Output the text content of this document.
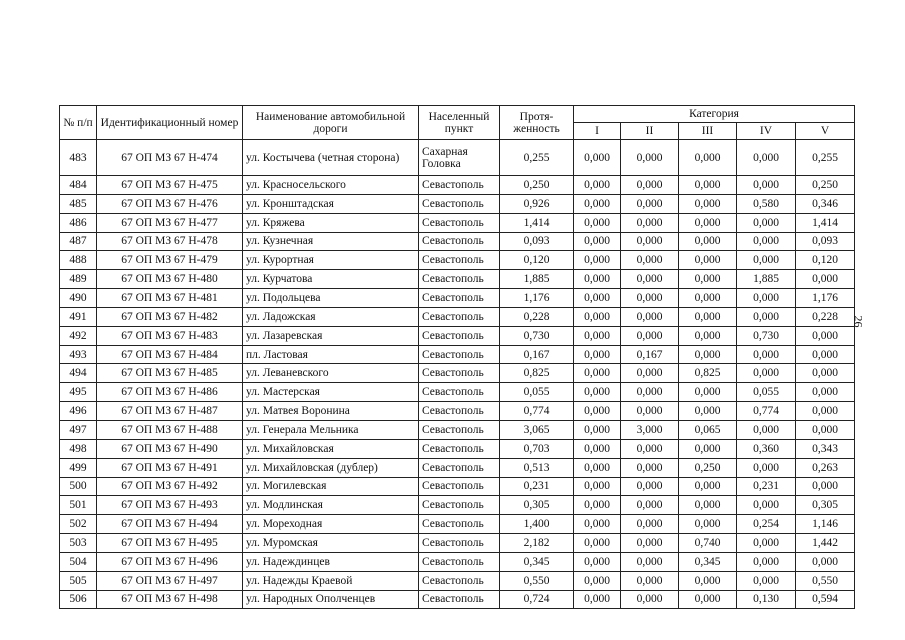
№ п/п	Идентификационный номер	Наименование автомобильной дороги	Населенный пункт	Протя-женность	Категория				
					I	II	III	IV	V
483	67 ОП МЗ 67 Н-474	ул. Костычева (четная сторона)	Сахарная Головка	0,255	0,000	0,000	0,000	0,000	0,255
484	67 ОП МЗ 67 Н-475	ул. Красносельского	Севастополь	0,250	0,000	0,000	0,000	0,000	0,250
485	67 ОП МЗ 67 Н-476	ул. Кронштадская	Севастополь	0,926	0,000	0,000	0,000	0,580	0,346
486	67 ОП МЗ 67 Н-477	ул. Кряжева	Севастополь	1,414	0,000	0,000	0,000	0,000	1,414
487	67 ОП МЗ 67 Н-478	ул. Кузнечная	Севастополь	0,093	0,000	0,000	0,000	0,000	0,093
488	67 ОП МЗ 67 Н-479	ул. Курортная	Севастополь	0,120	0,000	0,000	0,000	0,000	0,120
489	67 ОП МЗ 67 Н-480	ул. Курчатова	Севастополь	1,885	0,000	0,000	0,000	1,885	0,000
490	67 ОП МЗ 67 Н-481	ул. Подольцева	Севастополь	1,176	0,000	0,000	0,000	0,000	1,176
491	67 ОП МЗ 67 Н-482	ул. Ладожская	Севастополь	0,228	0,000	0,000	0,000	0,000	0,228
492	67 ОП МЗ 67 Н-483	ул. Лазаревская	Севастополь	0,730	0,000	0,000	0,000	0,730	0,000
493	67 ОП МЗ 67 Н-484	пл. Ластовая	Севастополь	0,167	0,000	0,167	0,000	0,000	0,000
494	67 ОП МЗ 67 Н-485	ул. Леваневского	Севастополь	0,825	0,000	0,000	0,825	0,000	0,000
495	67 ОП МЗ 67 Н-486	ул. Мастерская	Севастополь	0,055	0,000	0,000	0,000	0,055	0,000
496	67 ОП МЗ 67 Н-487	ул. Матвея Воронина	Севастополь	0,774	0,000	0,000	0,000	0,774	0,000
497	67 ОП МЗ 67 Н-488	ул. Генерала Мельника	Севастополь	3,065	0,000	3,000	0,065	0,000	0,000
498	67 ОП МЗ 67 Н-490	ул. Михайловская	Севастополь	0,703	0,000	0,000	0,000	0,360	0,343
499	67 ОП МЗ 67 Н-491	ул. Михайловская (дублер)	Севастополь	0,513	0,000	0,000	0,250	0,000	0,263
500	67 ОП МЗ 67 Н-492	ул. Могилевская	Севастополь	0,231	0,000	0,000	0,000	0,231	0,000
501	67 ОП МЗ 67 Н-493	ул. Модлинская	Севастополь	0,305	0,000	0,000	0,000	0,000	0,305
502	67 ОП МЗ 67 Н-494	ул. Мореходная	Севастополь	1,400	0,000	0,000	0,000	0,254	1,146
503	67 ОП МЗ 67 Н-495	ул. Муромская	Севастополь	2,182	0,000	0,000	0,740	0,000	1,442
504	67 ОП МЗ 67 Н-496	ул. Надеждинцев	Севастополь	0,345	0,000	0,000	0,345	0,000	0,000
505	67 ОП МЗ 67 Н-497	ул. Надежды Краевой	Севастополь	0,550	0,000	0,000	0,000	0,000	0,550
506	67 ОП МЗ 67 Н-498	ул. Народных Ополченцев	Севастополь	0,724	0,000	0,000	0,000	0,130	0,594
26
